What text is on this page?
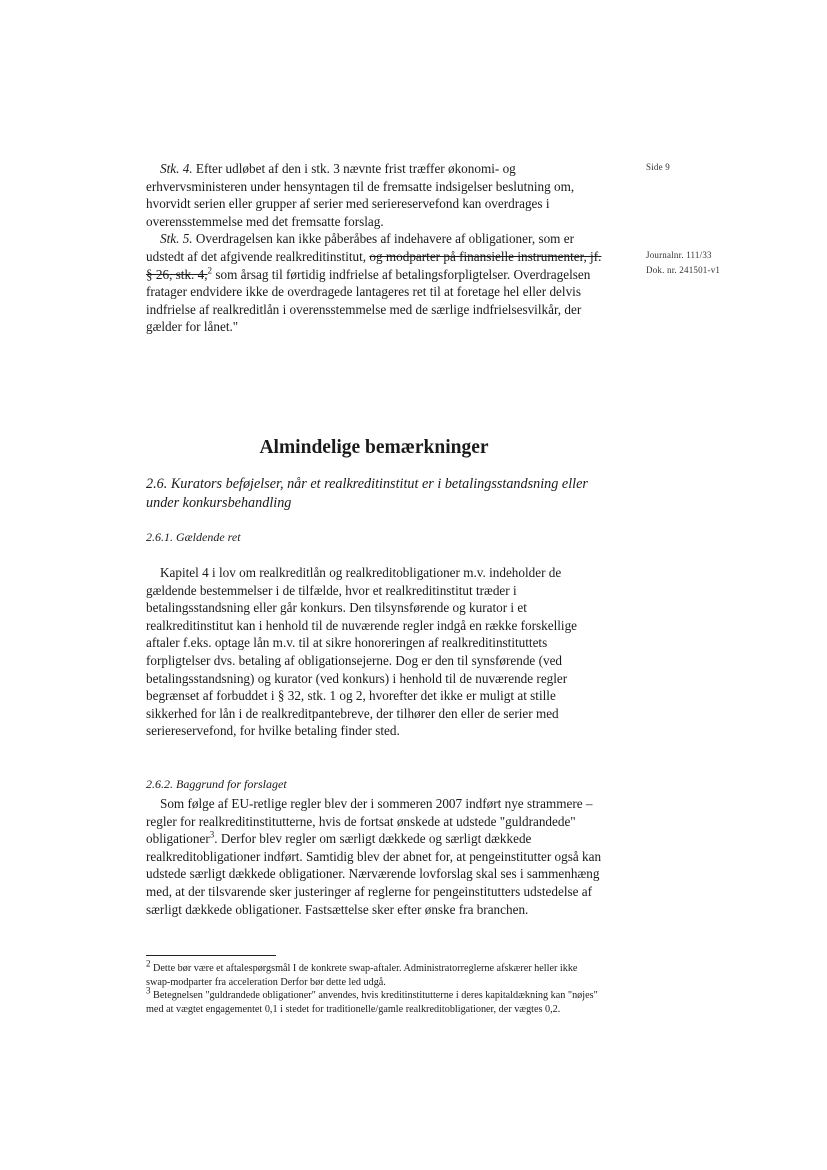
Side 9
Journalnr. 111/33
Dok. nr. 241501-v1

Stk. 4. Efter udløbet af den i stk. 3 nævnte frist træffer økonomi- og erhvervsministeren under hensyntagen til de fremsatte indsigelser beslutning om, hvorvidt serien eller grupper af serier med seriereservefond kan overdrages i overensstemmelse med det fremsatte forslag.

Stk. 5. Overdragelsen kan ikke påberåbes af indehavere af obligationer, som er udstedt af det afgivende realkreditinstitut, og modparter på finansielle instrumenter, jf. § 26, stk. 4,$^2$ som årsag til førtidig indfrielse af betalingsforpligtelser. Overdragelsen fratager endvidere ikke de overdragede lantageres ret til at foretage hel eller delvis indfrielse af realkreditlån i overensstemmelse med de særlige indfrielsesvilkår, der gælder for lånet."

Almindelige bemærkninger
2.6. Kurators beføjelser, når et realkreditinstitut er i betalingsstandsning eller under konkursbehandling
2.6.1. Gældende ret

Kapitel 4 i lov om realkreditlån og realkreditobligationer m.v. indeholder de gældende bestemmelser i de tilfælde, hvor et realkreditinstitut træder i betalingsstandsning eller går konkurs. Den tilsynsførende og kurator i et realkreditinstitut kan i henhold til de nuværende regler indgå en række forskellige aftaler f.eks. optage lån m.v. til at sikre honoreringen af realkreditinstituttets forpligtelser dvs. betaling af obligationsejerne. Dog er den til synsførende (ved betalingsstandsning) og kurator (ved konkurs) i henhold til de nuværende regler begrænset af forbuddet i § 32, stk. 1 og 2, hvorefter det ikke er muligt at stille sikkerhed for lån i de realkreditpantebreve, der tilhører den eller de serier med seriereservefond, for hvilke betaling finder sted.

2.6.2. Baggrund for forslaget

Som følge af EU-retlige regler blev der i sommeren 2007 indført nye strammere – regler for realkreditinstitutterne, hvis de fortsat ønskede at udstede "guldrandede" obligationer$^3$. Derfor blev regler om særligt dækkede og særligt dækkede realkreditobligationer indført. Samtidig blev der abnet for, at pengeinstitutter også kan udstede særligt dækkede obligationer. Nærværende lovforslag skal ses i sammenhæng med, at der tilsvarende sker justeringer af reglerne for pengeinstitutters udstedelse af særligt dækkede obligationer. Fastsættelse sker efter ønske fra branchen.

$^2$ Dette bør være et aftalespørgsmål I de konkrete swap-aftaler. Administratorreglerne afskærer heller ikke swap-modparter fra acceleration Derfor bør dette led udgå.

$^3$ Betegnelsen "guldrandede obligationer" anvendes, hvis kreditinstitutterne i deres kapitaldækning kan "nøjes" med at vægtet engagementet 0,1 i stedet for traditionelle/gamle realkreditobligationer, der vægtes 0,2.
